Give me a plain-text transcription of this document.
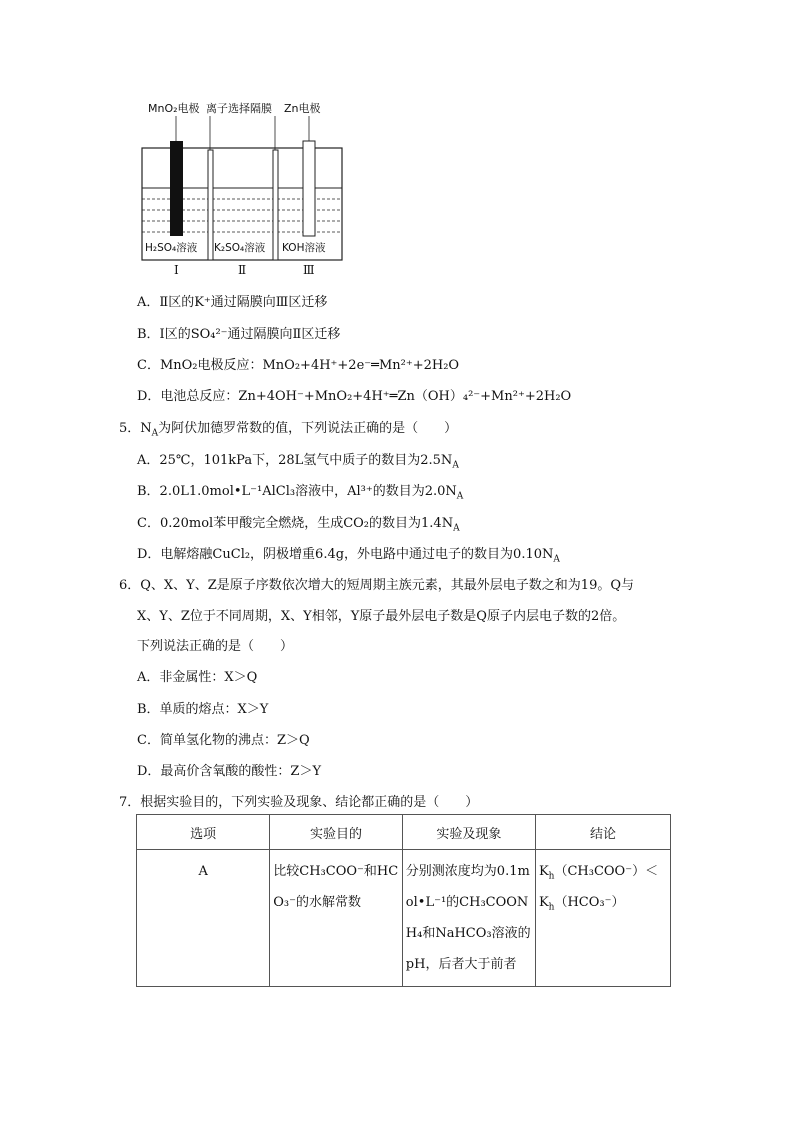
MnO₂电极 离子选择隔膜 Zn电极
H₂SO₄溶液 K₂SO₄溶液 KOH溶液
Ⅰ	Ⅱ	Ⅲ
A．Ⅱ区的K⁺通过隔膜向Ⅲ区迁移
B．Ⅰ区的SO₄²⁻通过隔膜向Ⅱ区迁移
C．MnO₂电极反应：MnO₂+4H⁺+2e⁻═Mn²⁺+2H₂O
D．电池总反应：Zn+4OH⁻+MnO₂+4H⁺═Zn（OH）₄²⁻+Mn²⁺+2H₂O
5．$N_A$为阿伏加德罗常数的值，下列说法正确的是（　　）
A．25℃，101kPa下，28L氢气中质子的数目为$2.5N_A$
B．2.0L1.0mol•L⁻¹AlCl₃溶液中，Al³⁺的数目为$2.0N_A$
C．0.20mol苯甲酸完全燃烧，生成CO₂的数目为$1.4N_A$
D．电解熔融CuCl₂，阴极增重6.4g，外电路中通过电子的数目为$0.10N_A$
6．Q、X、Y、Z是原子序数依次增大的短周期主族元素，其最外层电子数之和为19。Q与
X、Y、Z位于不同周期，X、Y相邻，Y原子最外层电子数是Q原子内层电子数的2倍。
下列说法正确的是（　　）
A．非金属性：X＞Q
B．单质的熔点：X＞Y
C．简单氢化物的沸点：Z＞Q
D．最高价含氧酸的酸性：Z＞Y
7．根据实验目的，下列实验及现象、结论都正确的是（　　）
选项	实验目的	实验及现象	结论
A	比较CH₃COO⁻和HCO₃⁻的水解常数	分别测浓度均为0.1mol•L⁻¹的CH₃COONH₄和NaHCO₃溶液的pH，后者大于前者	$K_h(CH_3COO^-)<K_h(HCO_3^-)$
